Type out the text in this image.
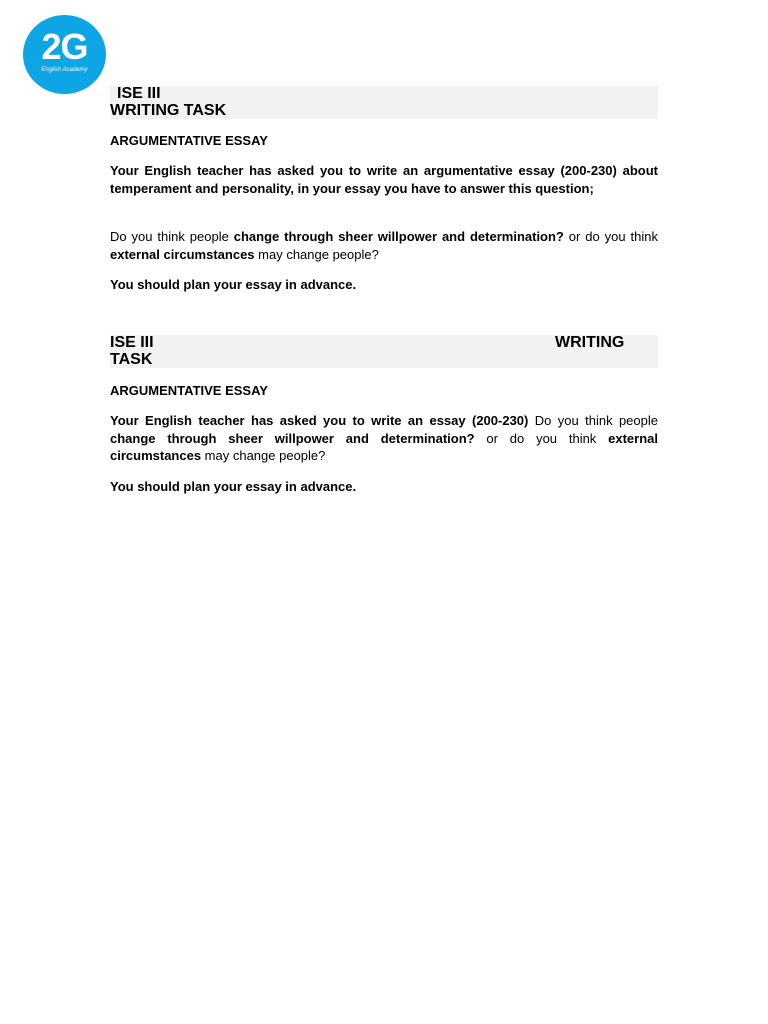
2G
English Academy
ISE III
WRITING TASK
ARGUMENTATIVE ESSAY
Your English teacher has asked you to write an argumentative essay (200-230) about temperament and personality, in your essay you have to answer this question;
Do you think people change through sheer willpower and determination? or do you think external circumstances may change people?
You should plan your essay in advance.
ISE III	WRITING
TASK
ARGUMENTATIVE ESSAY
Your English teacher has asked you to write an essay (200-230) Do you think people change through sheer willpower and determination? or do you think external circumstances may change people?
You should plan your essay in advance.
